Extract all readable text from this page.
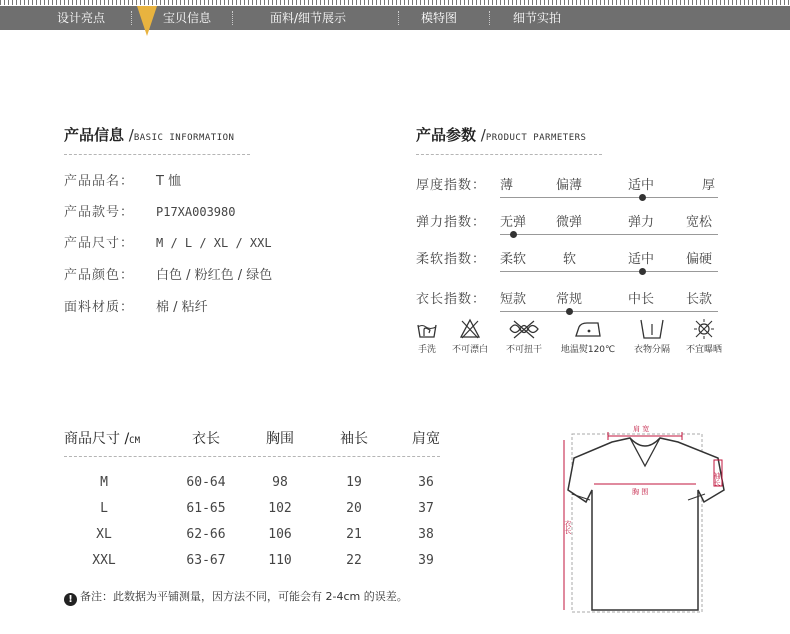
设计亮点	宝贝信息	面料/细节展示	模特图	细节实拍
产品信息 /BASIC INFORMATION
产品品名： T 恤
产品款号： P17XA003980
产品尺寸： M / L / XL / XXL
产品颜色： 白色 / 粉红色 / 绿色
面料材质： 棉 / 粘纤
产品参数 /PRODUCT PARMETERS
厚度指数： 薄	偏薄	适中	厚
弹力指数： 无弹 微弹	弹力 宽松
柔软指数： 柔软	软	适中 偏硬
衣长指数： 短款 常规	中长 长款
手洗	不可漂白	不可扭干	地温熨120℃	衣物分隔	不宜曝晒
商品尺寸 /CM	衣长	胸围	袖长	肩宽
M	60-64	98	19	36
L	61-65	102	20	37
XL	62-66	106	21	38
XXL	63-67	110	22	39
! 备注：此数据为平铺测量，因方法不同，可能会有 2-4cm 的误差。
肩 宽
胸 围
袖长
衣长
